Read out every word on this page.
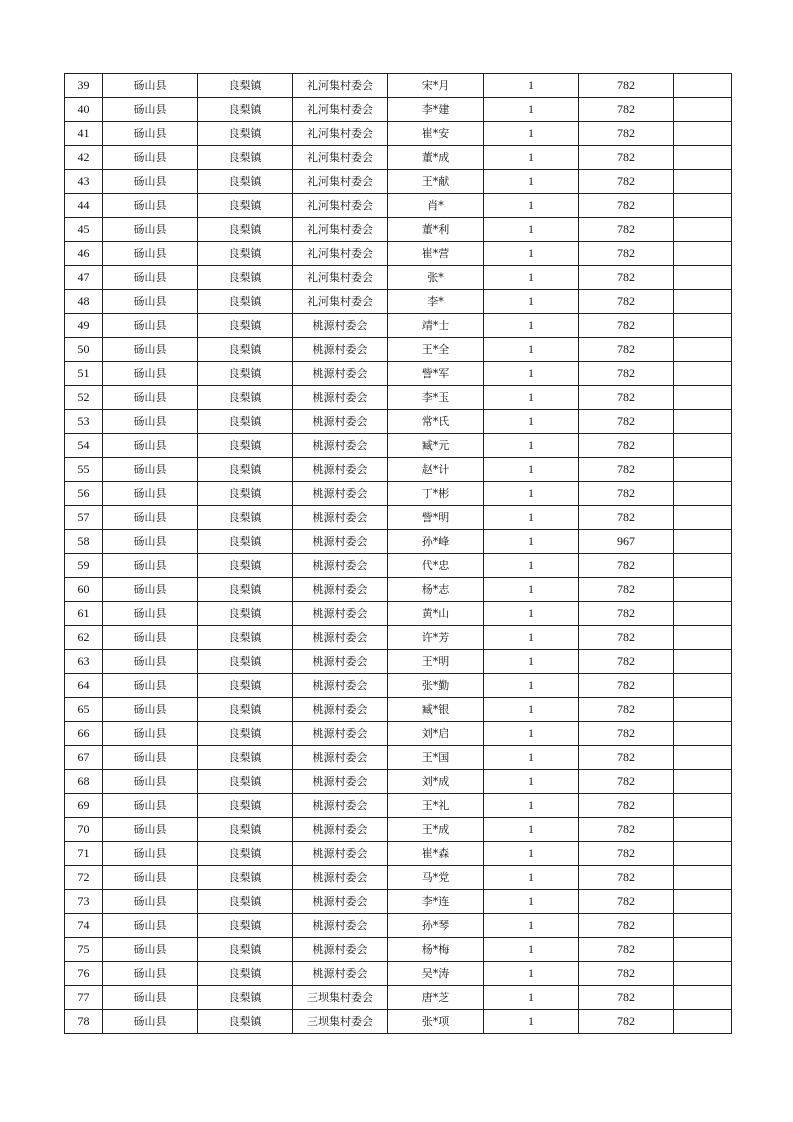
39	砀山县	良梨镇	礼河集村委会	宋*月	1	782	
40	砀山县	良梨镇	礼河集村委会	李*建	1	782	
41	砀山县	良梨镇	礼河集村委会	崔*安	1	782	
42	砀山县	良梨镇	礼河集村委会	董*成	1	782	
43	砀山县	良梨镇	礼河集村委会	王*献	1	782	
44	砀山县	良梨镇	礼河集村委会	肖*	1	782	
45	砀山县	良梨镇	礼河集村委会	董*利	1	782	
46	砀山县	良梨镇	礼河集村委会	崔*营	1	782	
47	砀山县	良梨镇	礼河集村委会	张*	1	782	
48	砀山县	良梨镇	礼河集村委会	李*	1	782	
49	砀山县	良梨镇	桃源村委会	靖*士	1	782	
50	砀山县	良梨镇	桃源村委会	王*全	1	782	
51	砀山县	良梨镇	桃源村委会	訾*军	1	782	
52	砀山县	良梨镇	桃源村委会	李*玉	1	782	
53	砀山县	良梨镇	桃源村委会	常*氏	1	782	
54	砀山县	良梨镇	桃源村委会	臧*元	1	782	
55	砀山县	良梨镇	桃源村委会	赵*计	1	782	
56	砀山县	良梨镇	桃源村委会	丁*彬	1	782	
57	砀山县	良梨镇	桃源村委会	訾*明	1	782	
58	砀山县	良梨镇	桃源村委会	孙*峰	1	967	
59	砀山县	良梨镇	桃源村委会	代*忠	1	782	
60	砀山县	良梨镇	桃源村委会	杨*志	1	782	
61	砀山县	良梨镇	桃源村委会	黄*山	1	782	
62	砀山县	良梨镇	桃源村委会	许*芳	1	782	
63	砀山县	良梨镇	桃源村委会	王*明	1	782	
64	砀山县	良梨镇	桃源村委会	张*勤	1	782	
65	砀山县	良梨镇	桃源村委会	臧*银	1	782	
66	砀山县	良梨镇	桃源村委会	刘*启	1	782	
67	砀山县	良梨镇	桃源村委会	王*国	1	782	
68	砀山县	良梨镇	桃源村委会	刘*成	1	782	
69	砀山县	良梨镇	桃源村委会	王*礼	1	782	
70	砀山县	良梨镇	桃源村委会	王*成	1	782	
71	砀山县	良梨镇	桃源村委会	崔*森	1	782	
72	砀山县	良梨镇	桃源村委会	马*党	1	782	
73	砀山县	良梨镇	桃源村委会	李*连	1	782	
74	砀山县	良梨镇	桃源村委会	孙*琴	1	782	
75	砀山县	良梨镇	桃源村委会	杨*梅	1	782	
76	砀山县	良梨镇	桃源村委会	吴*涛	1	782	
77	砀山县	良梨镇	三坝集村委会	唐*芝	1	782	
78	砀山县	良梨镇	三坝集村委会	张*项	1	782	
